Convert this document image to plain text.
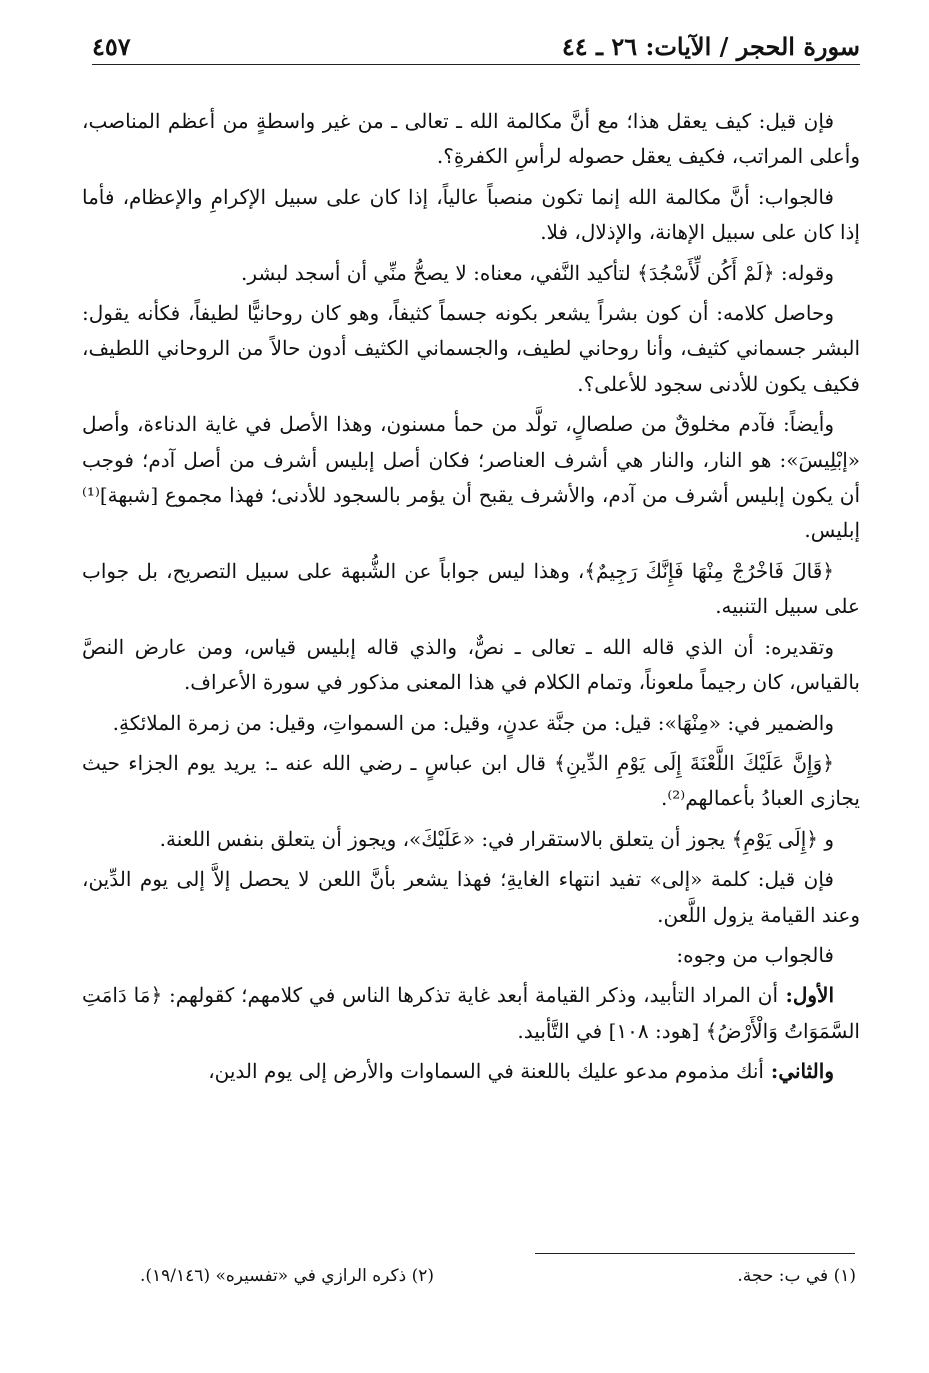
سورة الحجر / الآيات: ٢٦ ـ ٤٤
٤٥٧

فإن قيل: كيف يعقل هذا؛ مع أنَّ مكالمة الله ـ تعالى ـ من غير واسطةٍ من أعظم المناصب، وأعلى المراتب، فكيف يعقل حصوله لرأسِ الكفرةِ؟.

فالجواب: أنَّ مكالمة الله إنما تكون منصباً عالياً، إذا كان على سبيل الإكرامِ والإعظام، فأما إذا كان على سبيل الإهانة، والإذلال، فلا.

وقوله: ﴿لَمْ أَكُن لِّأَسْجُدَ﴾ لتأكيد النَّفي، معناه: لا يصحُّ منِّي أن أسجد لبشر.

وحاصل كلامه: أن كون بشراً يشعر بكونه جسماً كثيفاً، وهو كان روحانيًّا لطيفاً، فكأنه يقول: البشر جسماني كثيف، وأنا روحاني لطيف، والجسماني الكثيف أدون حالاً من الروحاني اللطيف، فكيف يكون للأدنى سجود للأعلى؟.

وأيضاً: فآدم مخلوقٌ من صلصالٍ، تولَّد من حمأ مسنون، وهذا الأصل في غاية الدناءة، وأصل «إبْلِيسَ»: هو النار، والنار هي أشرف العناصر؛ فكان أصل إبليس أشرف من أصل آدم؛ فوجب أن يكون إبليس أشرف من آدم، والأشرف يقبح أن يؤمر بالسجود للأدنى؛ فهذا مجموع [شبهة]⁽¹⁾ إبليس.

﴿قَالَ فَاخْرُجْ مِنْهَا فَإِنَّكَ رَجِيمٌ﴾، وهذا ليس جواباً عن الشُّبهة على سبيل التصريح، بل جواب على سبيل التنبيه.

وتقديره: أن الذي قاله الله ـ تعالى ـ نصٌّ، والذي قاله إبليس قياس، ومن عارض النصَّ بالقياس، كان رجيماً ملعوناً، وتمام الكلام في هذا المعنى مذكور في سورة الأعراف.

والضمير في: «مِنْهَا»: قيل: من جنَّة عدنٍ، وقيل: من السمواتِ، وقيل: من زمرة الملائكةِ.

﴿وَإِنَّ عَلَيْكَ اللَّعْنَةَ إِلَى يَوْمِ الدِّينِ﴾ قال ابن عباسٍ ـ رضي الله عنه ـ: يريد يوم الجزاء حيث يجازى العبادُ بأعمالهم⁽²⁾.

و ﴿إِلَى يَوْمِ﴾ يجوز أن يتعلق بالاستقرار في: «عَلَيْكَ»، ويجوز أن يتعلق بنفس اللعنة.

فإن قيل: كلمة «إلى» تفيد انتهاء الغايةِ؛ فهذا يشعر بأنَّ اللعن لا يحصل إلاَّ إلى يوم الدِّين، وعند القيامة يزول اللَّعن.

فالجواب من وجوه:

الأول: أن المراد التأبيد، وذكر القيامة أبعد غاية تذكرها الناس في كلامهم؛ كقولهم: ﴿مَا دَامَتِ السَّمَوَاتُ وَالْأَرْضُ﴾ [هود: ١٠٨] في التَّأبيد.

والثاني: أنك مذموم مدعو عليك باللعنة في السماوات والأرض إلى يوم الدين،

(١) في ب: حجة.
(٢) ذكره الرازي في «تفسيره» (١٩/١٤٦).
